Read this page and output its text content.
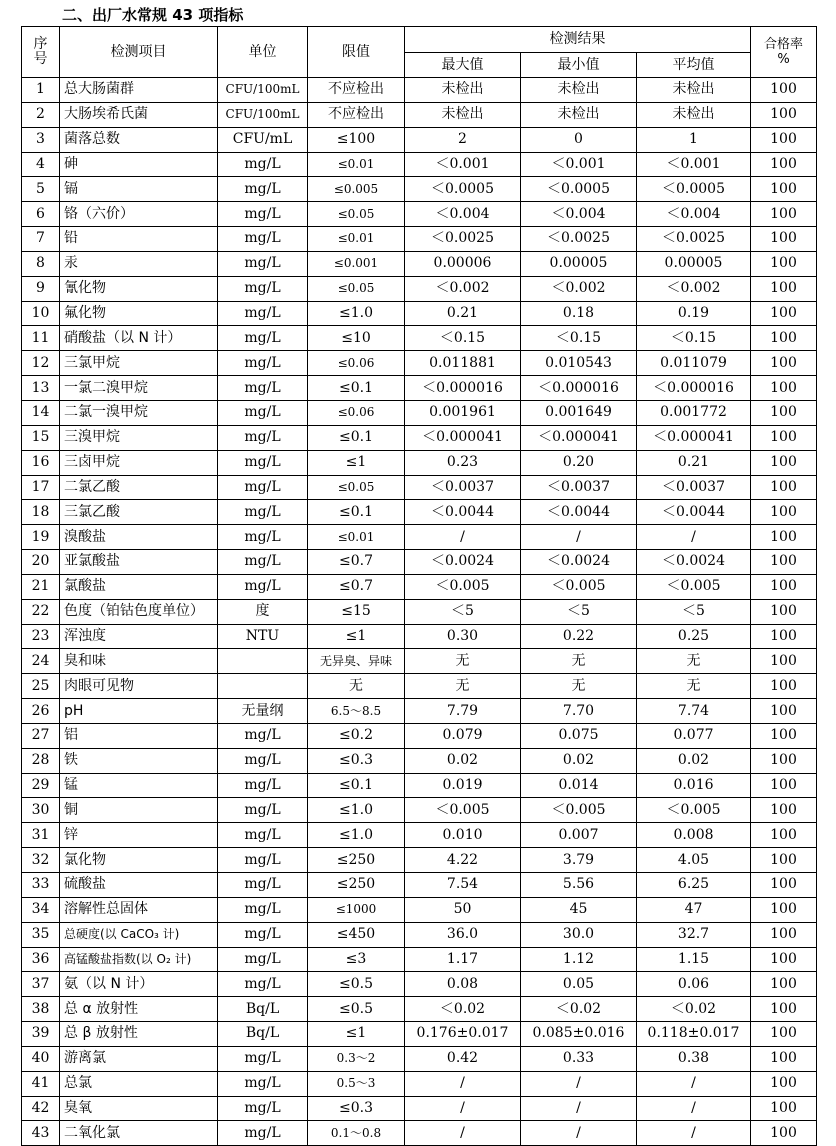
二、出厂水常规 43 项指标
序
号	检测项目	单位	限值	检测结果			合格率
%
				最大值	最小值	平均值	
1	总大肠菌群	CFU/100mL	不应检出	未检出	未检出	未检出	100
2	大肠埃希氏菌	CFU/100mL	不应检出	未检出	未检出	未检出	100
3	菌落总数	CFU/mL	≤100	2	0	1	100
4	砷	mg/L	≤0.01	＜0.001	＜0.001	＜0.001	100
5	镉	mg/L	≤0.005	＜0.0005	＜0.0005	＜0.0005	100
6	铬（六价）	mg/L	≤0.05	＜0.004	＜0.004	＜0.004	100
7	铅	mg/L	≤0.01	＜0.0025	＜0.0025	＜0.0025	100
8	汞	mg/L	≤0.001	0.00006	0.00005	0.00005	100
9	氰化物	mg/L	≤0.05	＜0.002	＜0.002	＜0.002	100
10	氟化物	mg/L	≤1.0	0.21	0.18	0.19	100
11	硝酸盐（以 N 计）	mg/L	≤10	＜0.15	＜0.15	＜0.15	100
12	三氯甲烷	mg/L	≤0.06	0.011881	0.010543	0.011079	100
13	一氯二溴甲烷	mg/L	≤0.1	＜0.000016	＜0.000016	＜0.000016	100
14	二氯一溴甲烷	mg/L	≤0.06	0.001961	0.001649	0.001772	100
15	三溴甲烷	mg/L	≤0.1	＜0.000041	＜0.000041	＜0.000041	100
16	三卤甲烷	mg/L	≤1	0.23	0.20	0.21	100
17	二氯乙酸	mg/L	≤0.05	＜0.0037	＜0.0037	＜0.0037	100
18	三氯乙酸	mg/L	≤0.1	＜0.0044	＜0.0044	＜0.0044	100
19	溴酸盐	mg/L	≤0.01	/	/	/	100
20	亚氯酸盐	mg/L	≤0.7	＜0.0024	＜0.0024	＜0.0024	100
21	氯酸盐	mg/L	≤0.7	＜0.005	＜0.005	＜0.005	100
22	色度（铂钴色度单位）	度	≤15	＜5	＜5	＜5	100
23	浑浊度	NTU	≤1	0.30	0.22	0.25	100
24	臭和味		无异臭、异味	无	无	无	100
25	肉眼可见物		无	无	无	无	100
26	pH	无量纲	6.5～8.5	7.79	7.70	7.74	100
27	铝	mg/L	≤0.2	0.079	0.075	0.077	100
28	铁	mg/L	≤0.3	0.02	0.02	0.02	100
29	锰	mg/L	≤0.1	0.019	0.014	0.016	100
30	铜	mg/L	≤1.0	＜0.005	＜0.005	＜0.005	100
31	锌	mg/L	≤1.0	0.010	0.007	0.008	100
32	氯化物	mg/L	≤250	4.22	3.79	4.05	100
33	硫酸盐	mg/L	≤250	7.54	5.56	6.25	100
34	溶解性总固体	mg/L	≤1000	50	45	47	100
35	总硬度(以 CaCO₃ 计)	mg/L	≤450	36.0	30.0	32.7	100
36	高锰酸盐指数(以 O₂ 计)	mg/L	≤3	1.17	1.12	1.15	100
37	氨（以 N 计）	mg/L	≤0.5	0.08	0.05	0.06	100
38	总 α 放射性	Bq/L	≤0.5	＜0.02	＜0.02	＜0.02	100
39	总 β 放射性	Bq/L	≤1	0.176±0.017	0.085±0.016	0.118±0.017	100
40	游离氯	mg/L	0.3～2	0.42	0.33	0.38	100
41	总氯	mg/L	0.5～3	/	/	/	100
42	臭氧	mg/L	≤0.3	/	/	/	100
43	二氧化氯	mg/L	0.1～0.8	/	/	/	100
